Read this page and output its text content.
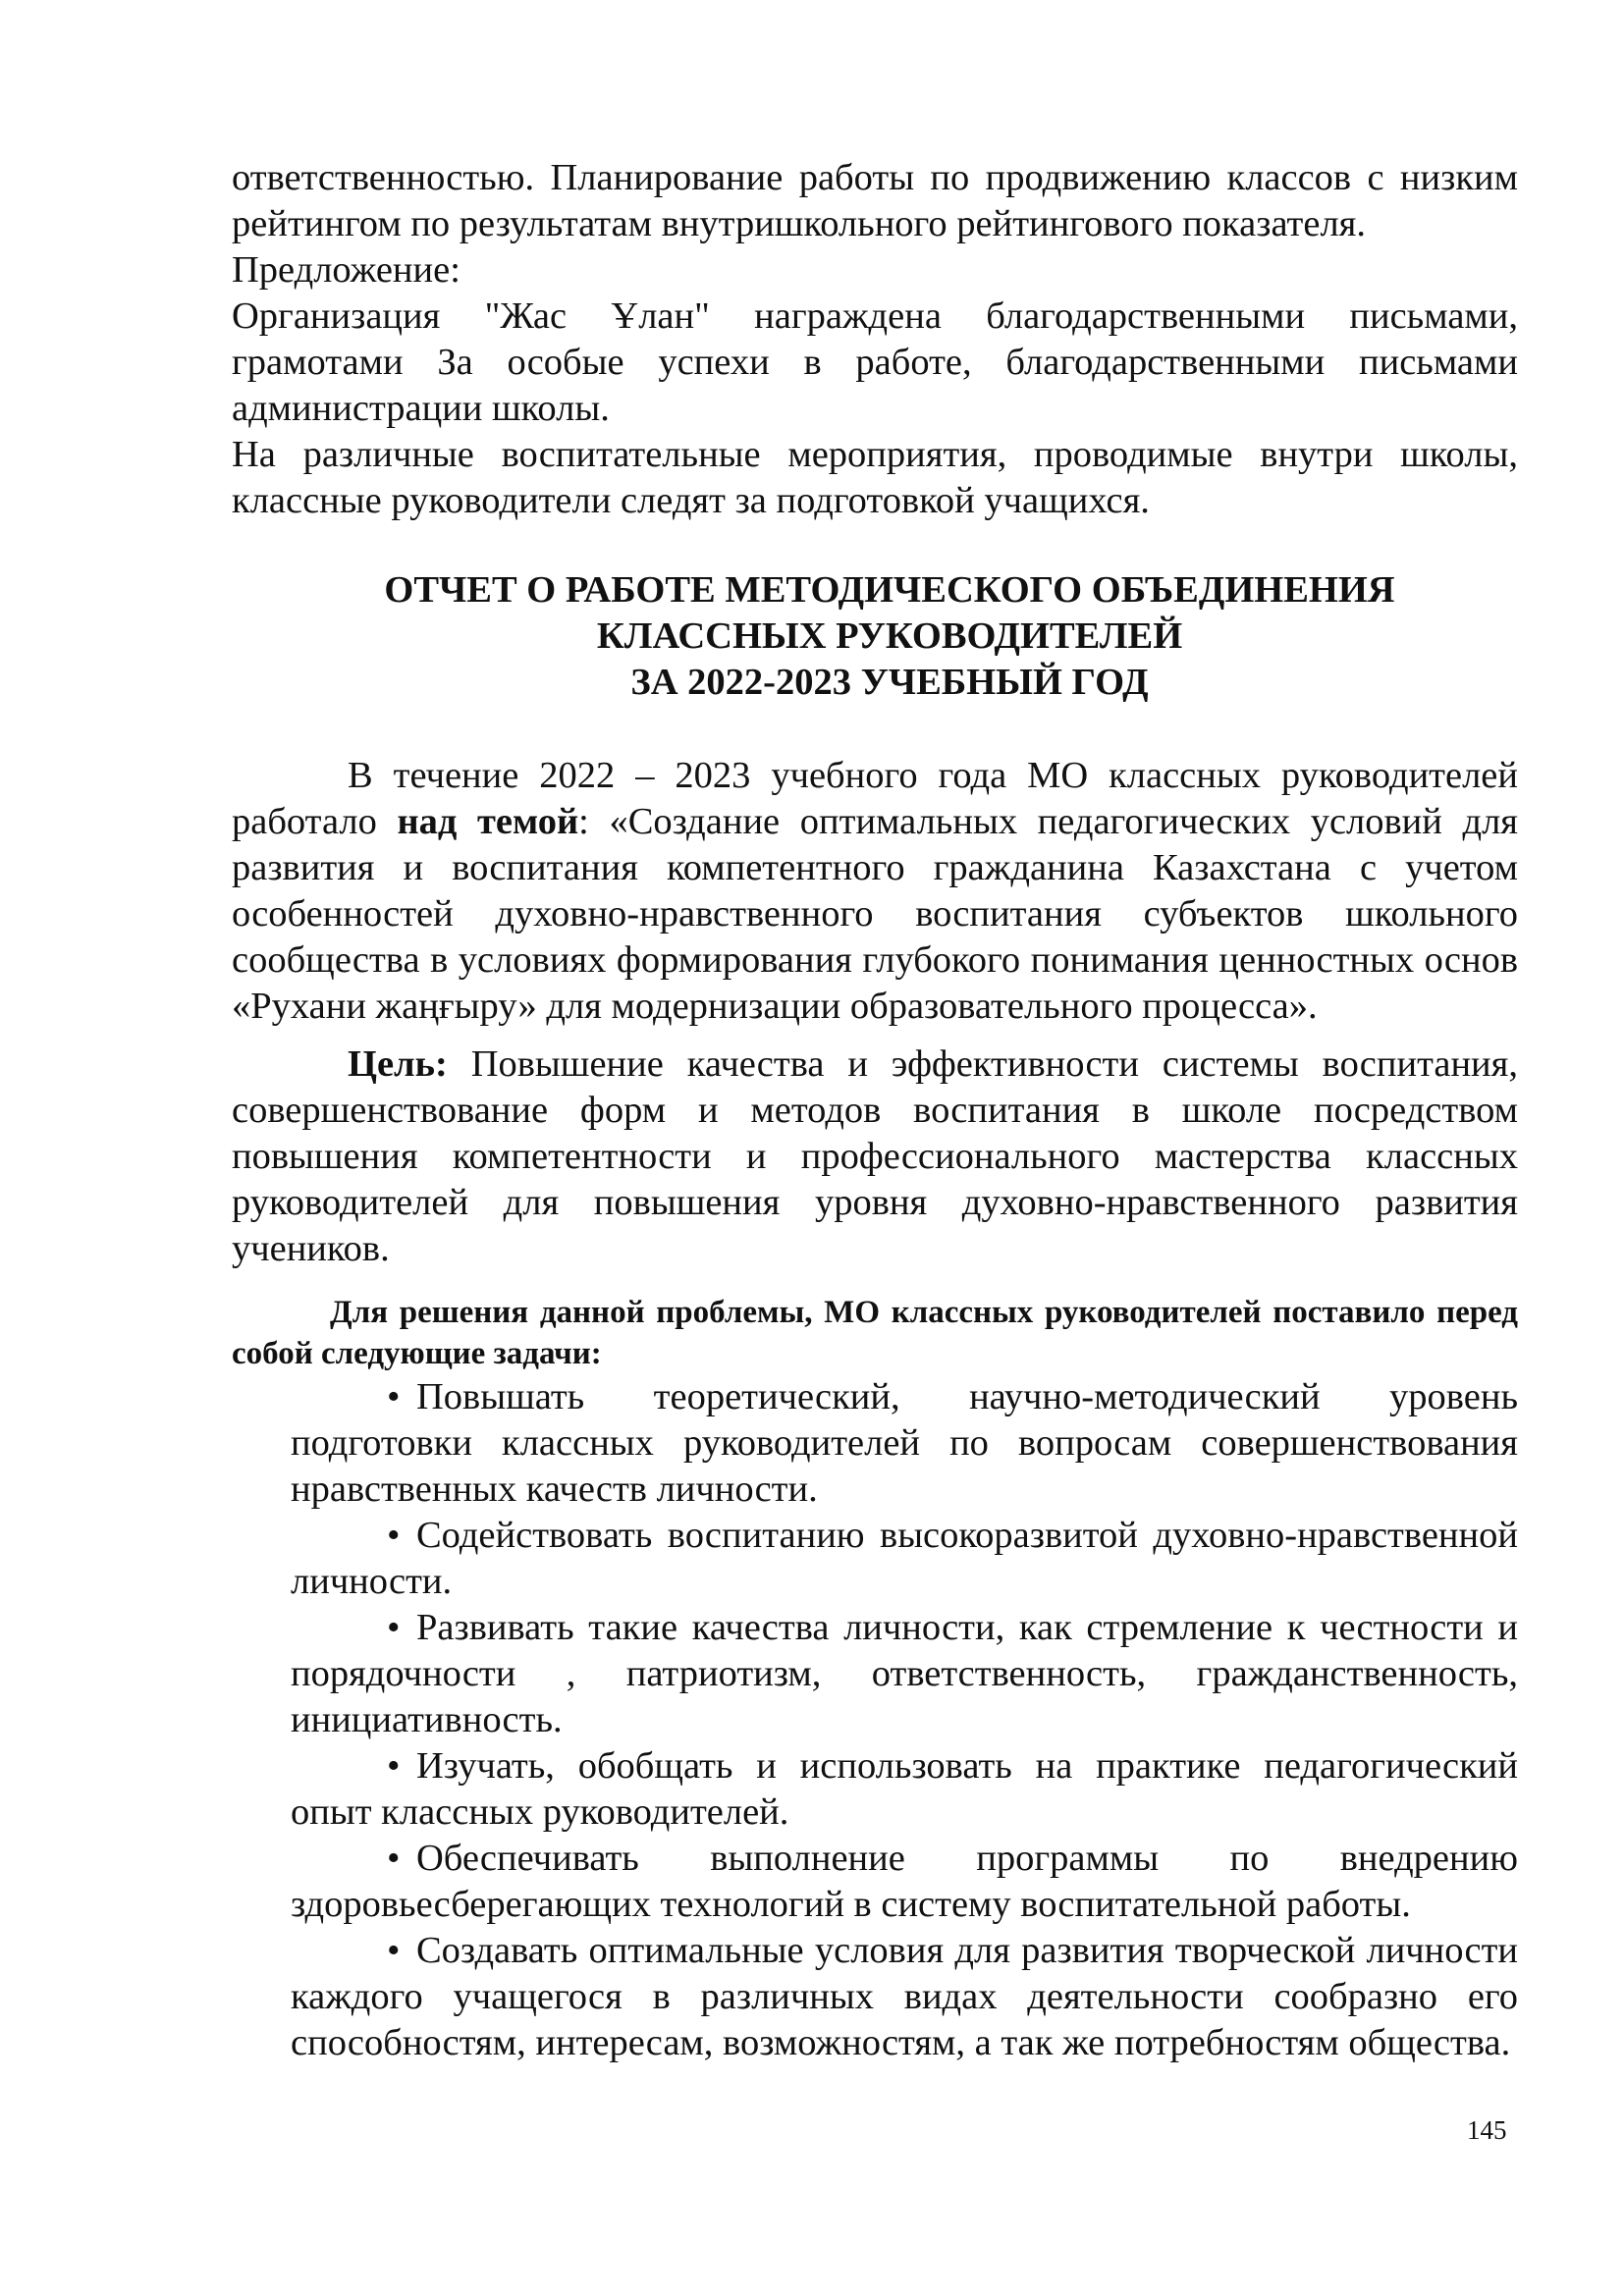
ответственностью. Планирование работы по продвижению классов с низким рейтингом по результатам внутришкольного рейтингового показателя.

Предложение:

Организация "Жас Ұлан" награждена благодарственными письмами, грамотами За особые успехи в работе, благодарственными письмами администрации школы.

На различные воспитательные мероприятия, проводимые внутри школы, классные руководители следят за подготовкой учащихся.

ОТЧЕТ О РАБОТЕ МЕТОДИЧЕСКОГО ОБЪЕДИНЕНИЯ
КЛАССНЫХ РУКОВОДИТЕЛЕЙ
ЗА 2022-2023 УЧЕБНЫЙ ГОД

В течение 2022 – 2023 учебного года МО классных руководителей работало над темой: «Создание оптимальных педагогических условий для развития и воспитания компетентного гражданина Казахстана с учетом особенностей духовно-нравственного воспитания субъектов школьного сообщества в условиях формирования глубокого понимания ценностных основ «Рухани жаңғыру» для модернизации образовательного процесса».

Цель: Повышение качества и эффективности системы воспитания, совершенствование форм и методов воспитания в школе посредством повышения компетентности и профессионального мастерства классных руководителей для повышения уровня духовно-нравственного развития учеников.

Для решения данной проблемы, МО классных руководителей поставило перед собой следующие задачи:

• Повышать теоретический, научно-методический уровень подготовки классных руководителей по вопросам совершенствования нравственных качеств личности.
• Содействовать воспитанию высокоразвитой духовно-нравственной личности.
• Развивать такие качества личности, как стремление к честности и порядочности , патриотизм, ответственность, гражданственность, инициативность.
• Изучать, обобщать и использовать на практике педагогический опыт классных руководителей.
• Обеспечивать выполнение программы по внедрению здоровьесберегающих технологий в систему воспитательной работы.
• Создавать оптимальные условия для развития творческой личности каждого учащегося в различных видах деятельности сообразно его способностям, интересам, возможностям, а так же потребностям общества.
145
